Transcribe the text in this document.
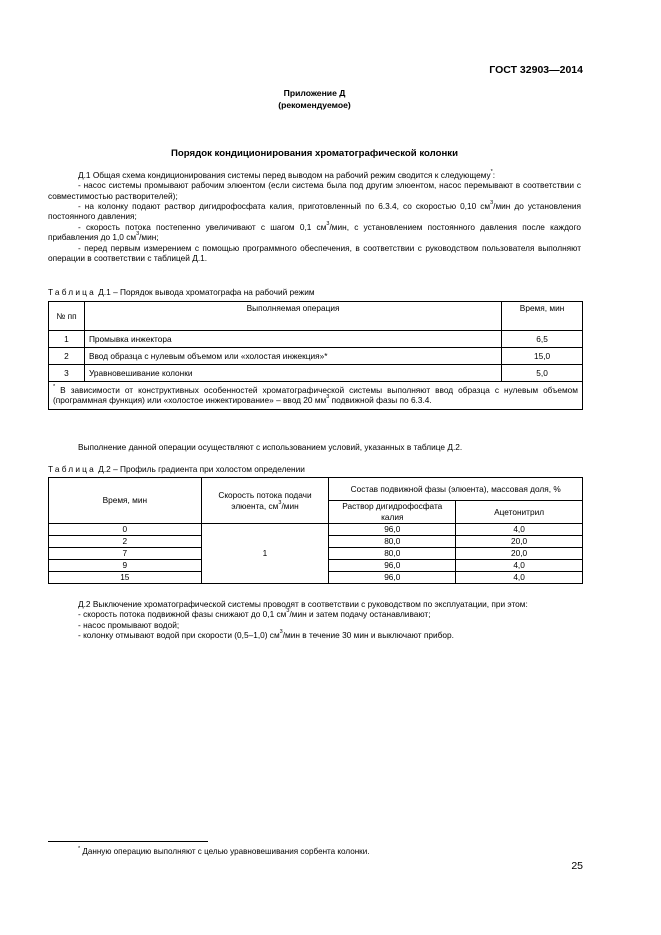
ГОСТ 32903—2014
Приложение Д
(рекомендуемое)
Порядок кондиционирования хроматографической колонки
Д.1 Общая схема кондиционирования системы перед выводом на рабочий режим сводится к следующему*:
- насос системы промывают рабочим элюентом (если система была под другим элюентом, насос перемывают в соответствии с совместимостью растворителей);
- на колонку подают раствор дигидрофосфата калия, приготовленный по 6.3.4, со скоростью 0,10 $см^3$/мин до установления постоянного давления;
- скорость потока постепенно увеличивают с шагом 0,1 $см^3$/мин, с установлением постоянного давления после каждого прибавления до 1,0 $см^3$/мин;
- перед первым измерением с помощью программного обеспечения, в соответствии с руководством пользователя выполняют операции в соответствии с таблицей Д.1.
Таблица Д.1 – Порядок вывода хроматографа на рабочий режим
№ пп	Выполняемая операция	Время, мин
1	Промывка инжектора	6,5
2	Ввод образца с нулевым объемом или «холостая инжекция»*	15,0
3	Уравновешивание колонки	5,0
* В зависимости от конструктивных особенностей хроматографической системы выполняют ввод образца с нулевым объемом (программная функция) или «холостое инжектирование» – ввод 20 $мм^3$ подвижной фазы по 6.3.4.		
Выполнение данной операции осуществляют с использованием условий, указанных в таблице Д.2.
Таблица Д.2 – Профиль градиента при холостом определении
Время, мин	Скорость потока подачи элюента, $см^3$/мин	Состав подвижной фазы (элюента), массовая доля, %	
		Раствор дигидрофосфата калия	Ацетонитрил
0	1	96,0	4,0
2		80,0	20,0
7		80,0	20,0
9		96,0	4,0
15		96,0	4,0
Д.2 Выключение хроматографической системы проводят в соответствии с руководством по эксплуатации, при этом:
- скорость потока подвижной фазы снижают до 0,1 $см^3$/мин и затем подачу останавливают;
- насос промывают водой;
- колонку отмывают водой при скорости (0,5–1,0) $см^3$/мин в течение 30 мин и выключают прибор.
* Данную операцию выполняют с целью уравновешивания сорбента колонки.
25
